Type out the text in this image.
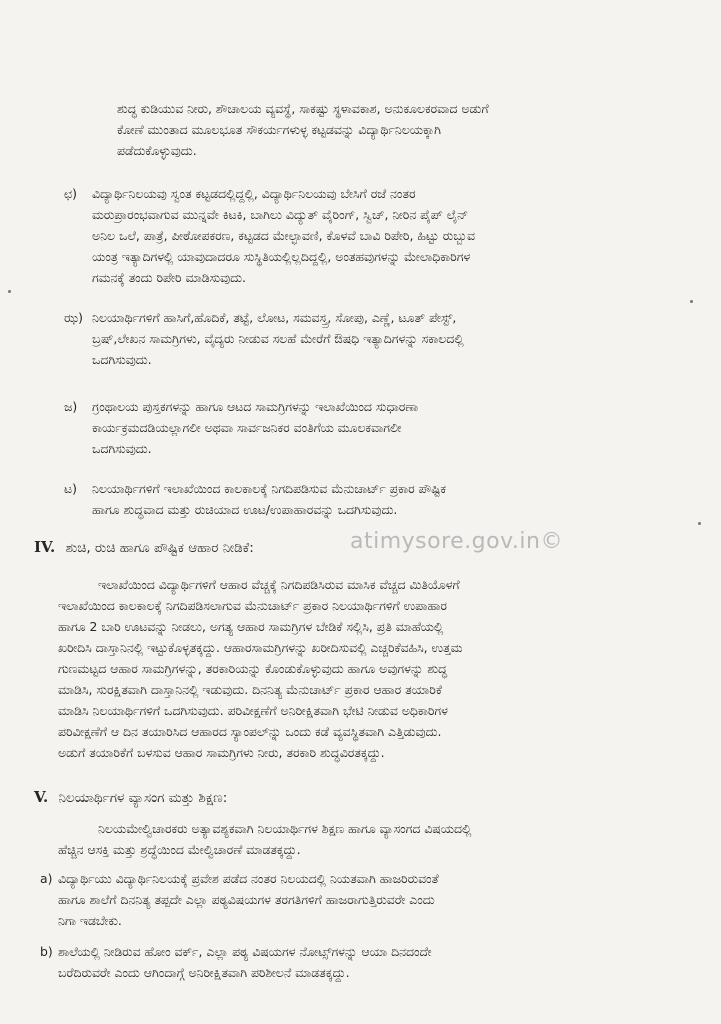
ಶುದ್ಧ ಕುಡಿಯುವ ನೀರು, ಶೌಚಾಲಯ ವ್ಯವಸ್ಥೆ, ಸಾಕಷ್ಟು ಸ್ಥಳಾವಕಾಶ, ಅನುಕೂಲಕರವಾದ ಅಡುಗೆ
ಕೋಣೆ ಮುಂತಾದ ಮೂಲಭೂತ ಸೌಕರ್ಯಗಳುಳ್ಳ ಕಟ್ಟಡವನ್ನು ವಿದ್ಯಾರ್ಥಿನಿಲಯಕ್ಕಾಗಿ
ಪಡೆದುಕೊಳ್ಳುವುದು.
ಛ) ವಿದ್ಯಾರ್ಥಿನಿಲಯವು ಸ್ವಂತ ಕಟ್ಟಡದಲ್ಲಿದ್ದಲ್ಲಿ, ವಿದ್ಯಾರ್ಥಿನಿಲಯವು ಬೇಸಿಗೆ ರಜೆ ನಂತರ
ಮರುಪ್ರಾರಂಭವಾಗುವ ಮುನ್ನವೇ ಕಿಟಕಿ, ಬಾಗಿಲು ವಿದ್ಯುತ್ ವೈರಿಂಗ್, ಸ್ವಿಚ್, ನೀರಿನ ಪೈಪ್ ಲೈನ್
ಅನಿಲ ಒಲೆ, ಪಾತ್ರೆ, ಪೀಠೋಪಕರಣ, ಕಟ್ಟಡದ ಮೇಲ್ಛಾವಣಿ, ಕೊಳವೆ ಬಾವಿ ರಿಪೇರಿ, ಹಿಟ್ಟು ರುಬ್ಬುವ
ಯಂತ್ರ ಇತ್ಯಾದಿಗಳಲ್ಲಿ ಯಾವುದಾದರೂ ಸುಸ್ಥಿತಿಯಲ್ಲಿಲ್ಲದಿದ್ದಲ್ಲಿ, ಅಂತಹವುಗಳನ್ನು ಮೇಲಾಧಿಕಾರಿಗಳ
ಗಮನಕ್ಕೆ ತಂದು ರಿಪೇರಿ ಮಾಡಿಸುವುದು.
ಝ) ನಿಲಯಾರ್ಥಿಗಳಿಗೆ ಹಾಸಿಗೆ,ಹೊದಿಕೆ, ತಟ್ಟೆ, ಲೋಟ, ಸಮವಸ್ತ್ರ, ಸೋಪು, ಎಣ್ಣೆ, ಟೂತ್ ಪೇಸ್ಟ್,
ಬ್ರಷ್,ಲೇಖನ ಸಾಮಗ್ರಿಗಳು, ವೈದ್ಯರು ನೀಡುವ ಸಲಹೆ ಮೇರೆಗೆ ಔಷಧಿ ಇತ್ಯಾದಿಗಳನ್ನು ಸಕಾಲದಲ್ಲಿ
ಒದಗಿಸುವುದು.
ಜ) ಗ್ರಂಥಾಲಯ ಪುಸ್ತಕಗಳನ್ನು ಹಾಗೂ ಆಟದ ಸಾಮಗ್ರಿಗಳನ್ನು ಇಲಾಖೆಯಿಂದ ಸುಧಾರಣಾ
ಕಾರ್ಯಕ್ರಮದಡಿಯಲ್ಲಾಗಲೀ ಅಥವಾ ಸಾರ್ವಜನಿಕರ ವಂತಿಗೆಯ ಮೂಲಕವಾಗಲೀ
ಒದಗಿಸುವುದು.
ಟ) ನಿಲಯಾರ್ಥಿಗಳಿಗೆ ಇಲಾಖೆಯಿಂದ ಕಾಲಕಾಲಕ್ಕೆ ನಿಗದಿಪಡಿಸುವ ಮೆನುಚಾರ್ಟ್ ಪ್ರಕಾರ ಪೌಷ್ಟಿಕ
ಹಾಗೂ ಶುದ್ಧವಾದ ಮತ್ತು ರುಚಿಯಾದ ಊಟ/ಉಪಾಹಾರವನ್ನು ಒದಗಿಸುವುದು.
IV. ಶುಚಿ, ರುಚಿ ಹಾಗೂ ಪೌಷ್ಟಿಕ ಆಹಾರ ನೀಡಿಕೆ:	atimysore.gov.in©
ಇಲಾಖೆಯಿಂದ ವಿದ್ಯಾರ್ಥಿಗಳಿಗೆ ಆಹಾರ ವೆಚ್ಚಕ್ಕೆ ನಿಗದಿಪಡಿಸಿರುವ ಮಾಸಿಕ ವೆಚ್ಚದ ಮಿತಿಯೊಳಗೆ
ಇಲಾಖೆಯಿಂದ ಕಾಲಕಾಲಕ್ಕೆ ನಿಗದಿಪಡಿಸಲಾಗುವ ಮೆನುಚಾರ್ಟ್ ಪ್ರಕಾರ ನಿಲಯಾರ್ಥಿಗಳಿಗೆ ಉಪಾಹಾರ
ಹಾಗೂ 2 ಬಾರಿ ಊಟವನ್ನು ನೀಡಲು, ಅಗತ್ಯ ಆಹಾರ ಸಾಮಗ್ರಿಗಳ ಬೇಡಿಕೆ ಸಲ್ಲಿಸಿ, ಪ್ರತಿ ಮಾಹೆಯಲ್ಲಿ
ಖರೀದಿಸಿ ದಾಸ್ತಾನಿನಲ್ಲಿ ಇಟ್ಟುಕೊಳ್ಳತಕ್ಕದ್ದು. ಆಹಾರಸಾಮಗ್ರಿಗಳನ್ನು ಖರೀದಿಸುವಲ್ಲಿ ಎಚ್ಚರಿಕೆವಹಿಸಿ, ಉತ್ತಮ
ಗುಣಮಟ್ಟದ ಆಹಾರ ಸಾಮಗ್ರಿಗಳನ್ನು, ತರಕಾರಿಯನ್ನು ಕೊಂಡುಕೊಳ್ಳುವುದು ಹಾಗೂ ಅವುಗಳನ್ನು ಶುದ್ಧ
ಮಾಡಿಸಿ, ಸುರಕ್ಷಿತವಾಗಿ ದಾಸ್ತಾನಿನಲ್ಲಿ ಇಡುವುದು. ದಿನನಿತ್ಯ ಮೆನುಚಾರ್ಟ್ ಪ್ರಕಾರ ಆಹಾರ ತಯಾರಿಕೆ
ಮಾಡಿಸಿ ನಿಲಯಾರ್ಥಿಗಳಿಗೆ ಒದಗಿಸುವುದು. ಪರಿವೀಕ್ಷಣೆಗೆ ಅನಿರೀಕ್ಷಿತವಾಗಿ ಭೇಟಿ ನೀಡುವ ಅಧಿಕಾರಿಗಳ
ಪರಿವೀಕ್ಷಣೆಗೆ ಆ ದಿನ ತಯಾರಿಸಿದ ಆಹಾರದ ಸ್ಯಾಂಪಲ್‌ನ್ನು ಒಂದು ಕಡೆ ವ್ಯವಸ್ಥಿತವಾಗಿ ಎತ್ತಿಡುವುದು.
ಅಡುಗೆ ತಯಾರಿಕೆಗೆ ಬಳಸುವ ಆಹಾರ ಸಾಮಗ್ರಿಗಳು ನೀರು, ತರಕಾರಿ ಶುದ್ಧವಿರತಕ್ಕದ್ದು.
V. ನಿಲಯಾರ್ಥಿಗಳ ವ್ಯಾಸಂಗ ಮತ್ತು ಶಿಕ್ಷಣ:
ನಿಲಯಮೇಲ್ವಿಚಾರಕರು ಅತ್ಯಾವಶ್ಯಕವಾಗಿ ನಿಲಯಾರ್ಥಿಗಳ ಶಿಕ್ಷಣ ಹಾಗೂ ವ್ಯಾಸಂಗದ ವಿಷಯದಲ್ಲಿ
ಹೆಚ್ಚಿನ ಆಸಕ್ತಿ ಮತ್ತು ಶ್ರದ್ಧೆಯಿಂದ ಮೇಲ್ವಿಚಾರಣೆ ಮಾಡತಕ್ಕದ್ದು.
a) ವಿದ್ಯಾರ್ಥಿಯು ವಿದ್ಯಾರ್ಥಿನಿಲಯಕ್ಕೆ ಪ್ರವೇಶ ಪಡೆದ ನಂತರ ನಿಲಯದಲ್ಲಿ ನಿಯತವಾಗಿ ಹಾಜರಿರುವಂತೆ
ಹಾಗೂ ಶಾಲೆಗೆ ದಿನನಿತ್ಯ ತಪ್ಪದೇ ಎಲ್ಲಾ ಪಠ್ಯವಿಷಯಗಳ ತರಗತಿಗಳಿಗೆ ಹಾಜರಾಗುತ್ತಿರುವರೇ ಎಂದು
ನಿಗಾ ಇಡಬೇಕು.
b) ಶಾಲೆಯಲ್ಲಿ ನೀಡಿರುವ ಹೋಂ ವರ್ಕ್, ಎಲ್ಲಾ ಪಠ್ಯ ವಿಷಯಗಳ ನೋಟ್ಸ್‌ಗಳನ್ನು ಆಯಾ ದಿನದಂದೇ
ಬರೆದಿರುವರೇ ಎಂದು ಆಗಿಂದಾಗ್ಗೆ ಅನಿರೀಕ್ಷಿತವಾಗಿ ಪರಿಶೀಲನೆ ಮಾಡತಕ್ಕದ್ದು.
